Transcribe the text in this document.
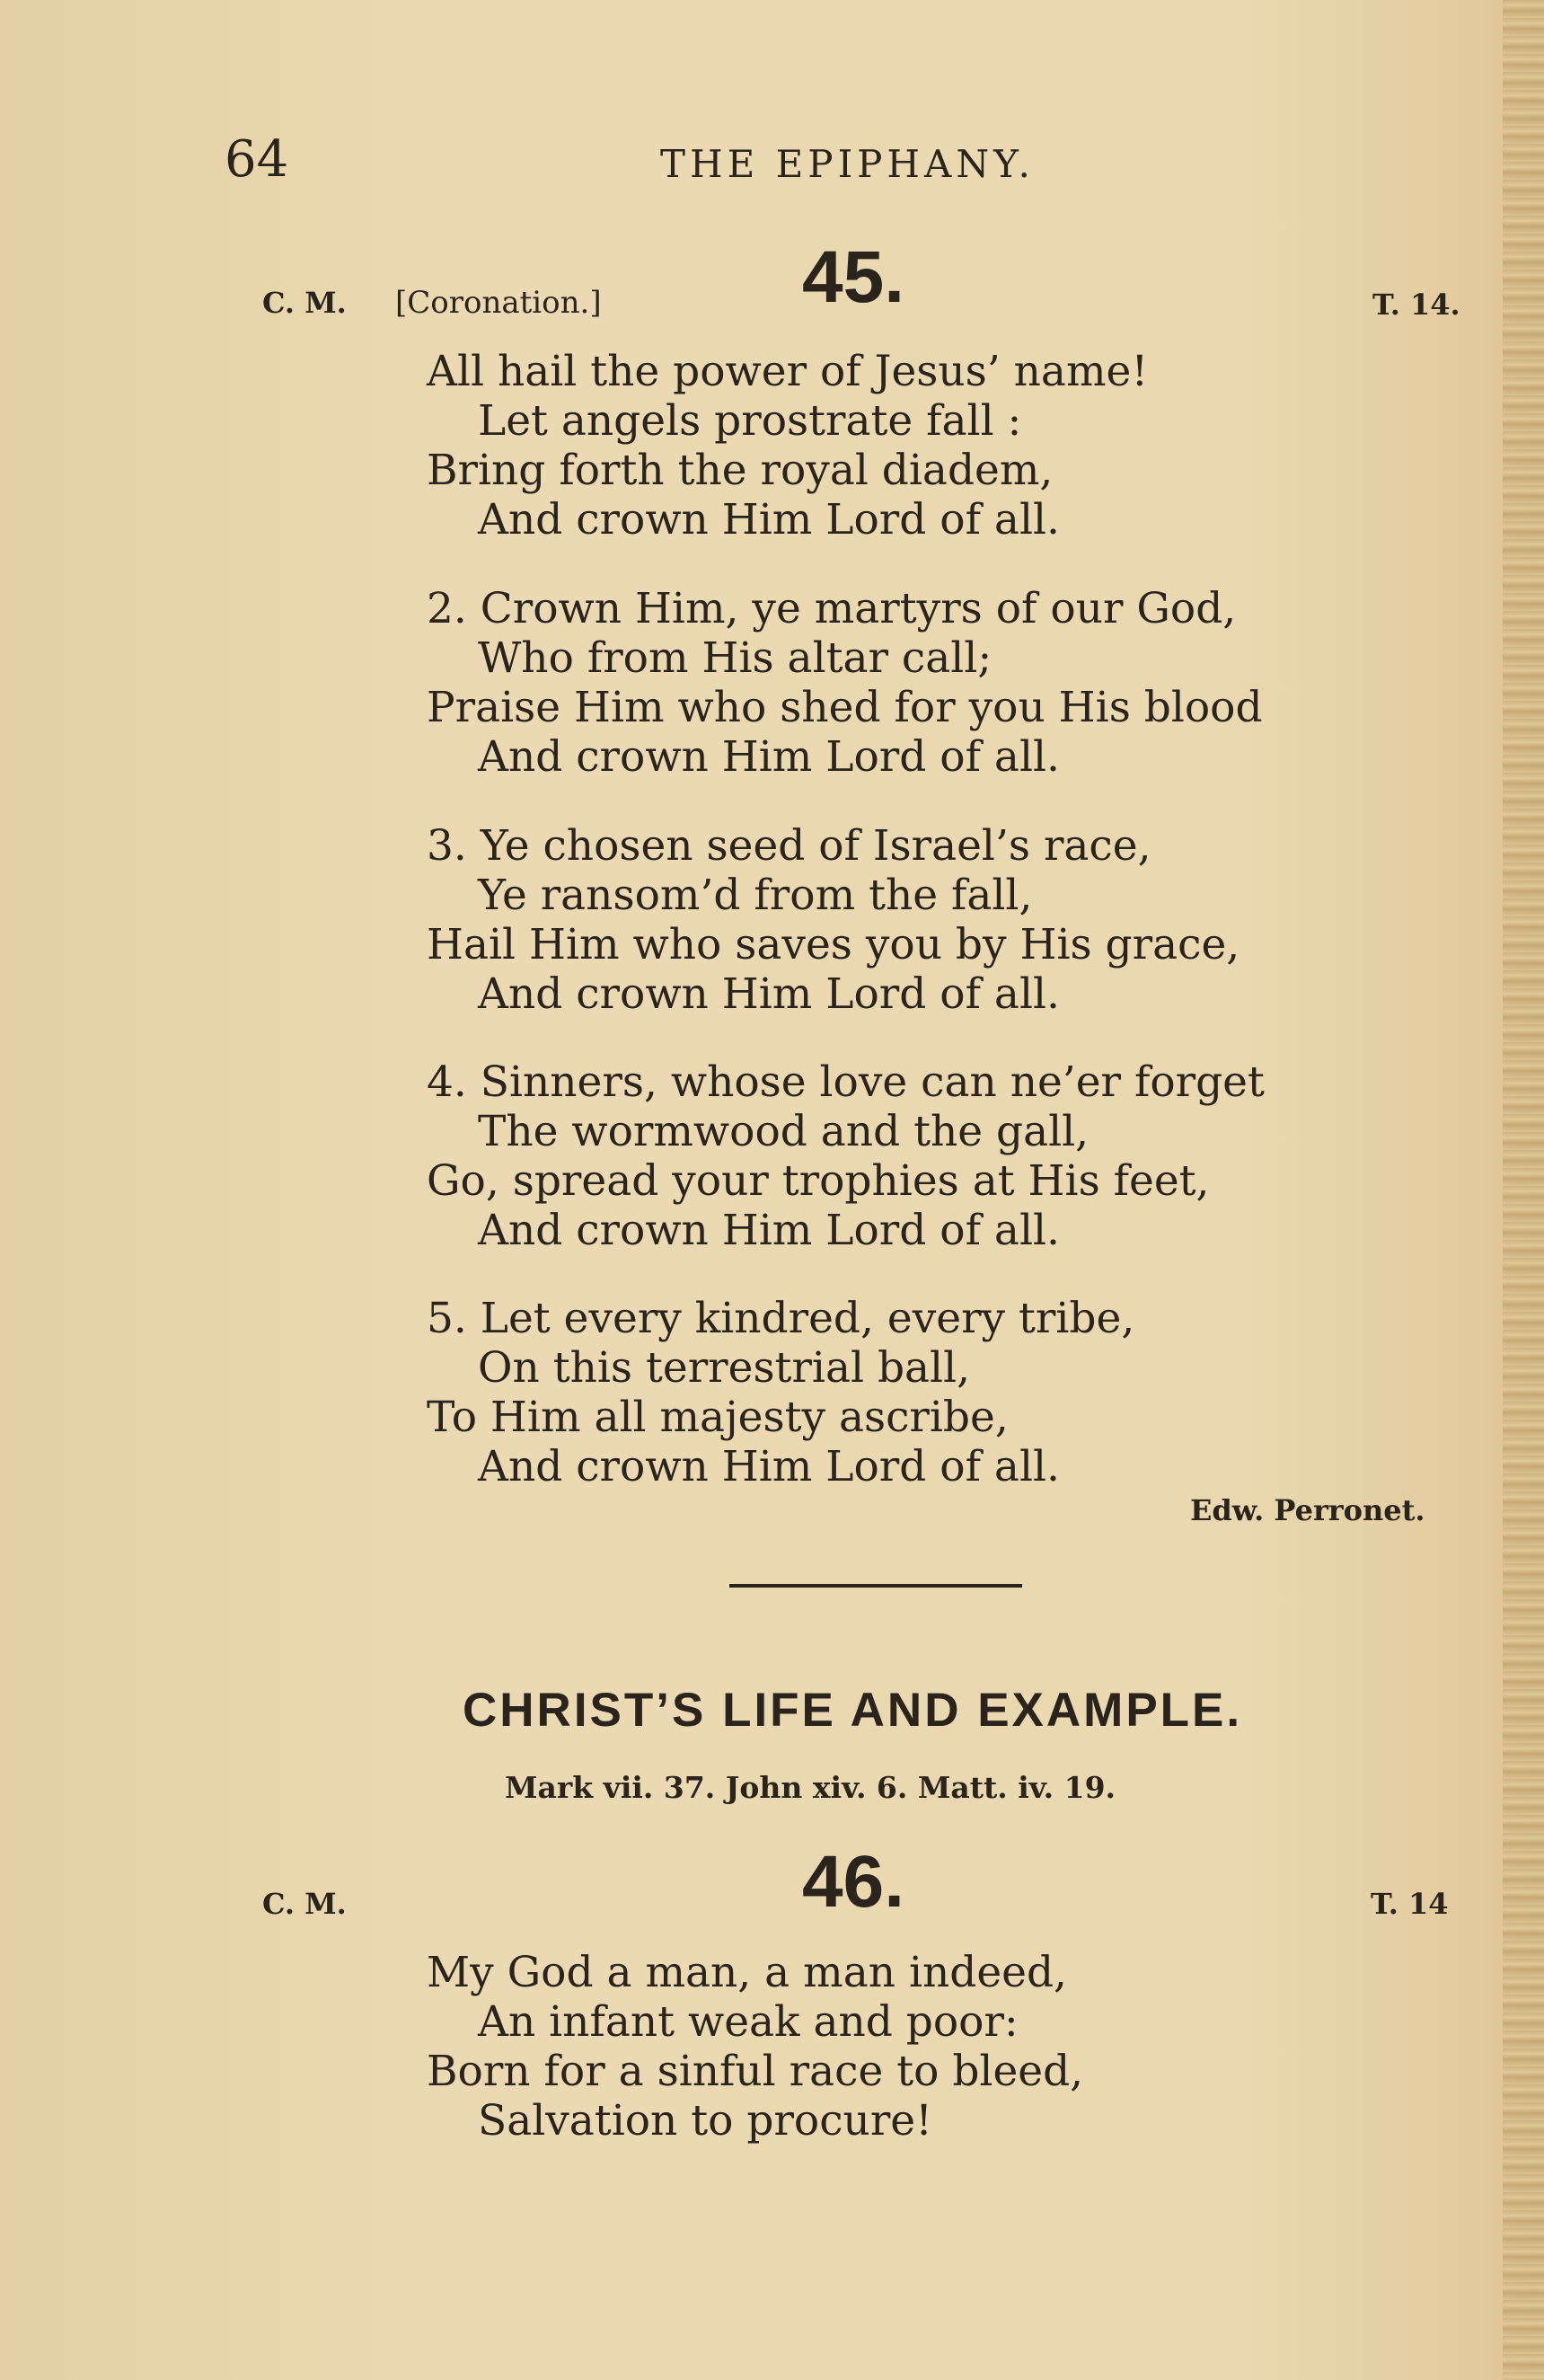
64	THE EPIPHANY.
C. M. [Coronation.]	45.	T. 14.
All hail the power of Jesus’ name!
Let angels prostrate fall :
Bring forth the royal diadem,
And crown Him Lord of all.
2. Crown Him, ye martyrs of our God,
Who from His altar call;
Praise Him who shed for you His blood
And crown Him Lord of all.
3. Ye chosen seed of Israel’s race,
Ye ransom’d from the fall,
Hail Him who saves you by His grace,
And crown Him Lord of all.
4. Sinners, whose love can ne’er forget
The wormwood and the gall,
Go, spread your trophies at His feet,
And crown Him Lord of all.
5. Let every kindred, every tribe,
On this terrestrial ball,
To Him all majesty ascribe,
And crown Him Lord of all.
Edw. Perronet.
CHRIST’S LIFE AND EXAMPLE.
Mark vii. 37. John xiv. 6. Matt. iv. 19.
C. M.	46.	T. 14
My God a man, a man indeed,
An infant weak and poor:
Born for a sinful race to bleed,
Salvation to procure!
